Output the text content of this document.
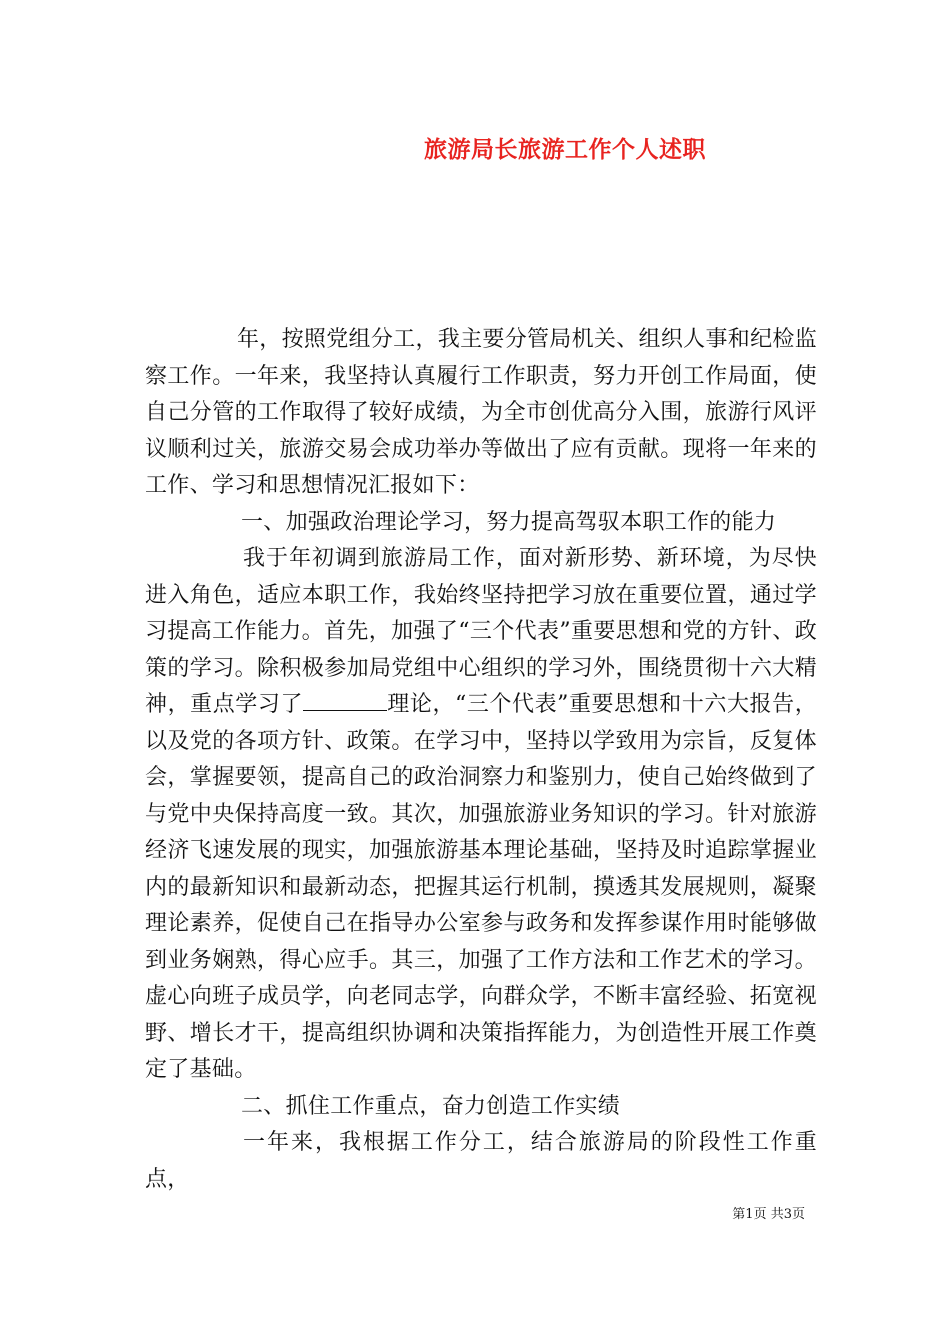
旅游局长旅游工作个人述职

年，按照党组分工，我主要分管局机关、组织人事和纪检监察工作。一年来，我坚持认真履行工作职责，努力开创工作局面，使自己分管的工作取得了较好成绩，为全市创优高分入围，旅游行风评议顺利过关，旅游交易会成功举办等做出了应有贡献。现将一年来的工作、学习和思想情况汇报如下：

一、加强政治理论学习，努力提高驾驭本职工作的能力

我于年初调到旅游局工作，面对新形势、新环境，为尽快进入角色，适应本职工作，我始终坚持把学习放在重要位置，通过学习提高工作能力。首先，加强了“三个代表”重要思想和党的方针、政策的学习。除积极参加局党组中心组织的学习外，围绕贯彻十六大精神，重点学习了	理论，“三个代表”重要思想和十六大报告，以及党的各项方针、政策。在学习中，坚持以学致用为宗旨，反复体会，掌握要领，提高自己的政治洞察力和鉴别力，使自己始终做到了与党中央保持高度一致。其次，加强旅游业务知识的学习。针对旅游经济飞速发展的现实，加强旅游基本理论基础，坚持及时追踪掌握业内的最新知识和最新动态，把握其运行机制，摸透其发展规则，凝聚理论素养，促使自己在指导办公室参与政务和发挥参谋作用时能够做到业务娴熟，得心应手。其三，加强了工作方法和工作艺术的学习。虚心向班子成员学，向老同志学，向群众学，不断丰富经验、拓宽视野、增长才干，提高组织协调和决策指挥能力，为创造性开展工作奠定了基础。

二、抓住工作重点，奋力创造工作实绩

一年来，我根据工作分工，结合旅游局的阶段性工作重点，

第1页 共3页
